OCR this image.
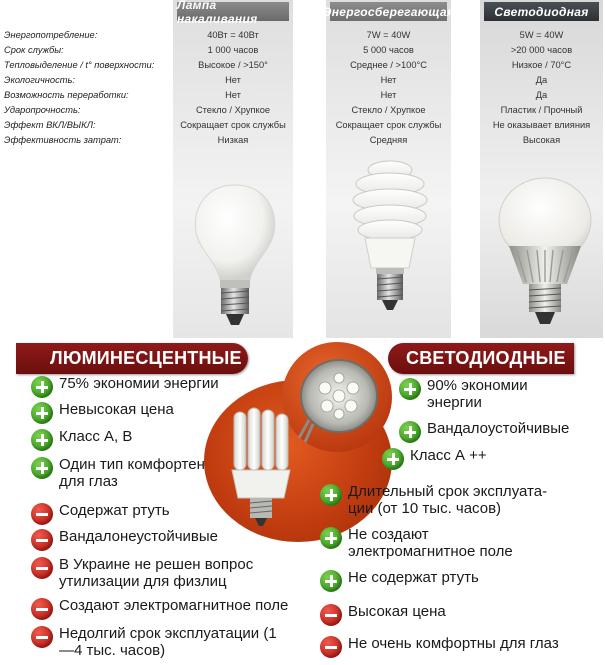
Лампа накаливания	Энергосберегающая	Светодиодная
Энергопотребление:	40Вт = 40Вт	7W = 40W	5W = 40W
Срок службы:	1 000 часов	5 000 часов	>20 000 часов
Тепловыделение / t° поверхности:	Высокое / >150°	Среднее / >100°C	Низкое / 70°C
Экологичность:	Нет	Нет	Да
Возможность переработки:	Нет	Нет	Да
Ударопрочность:	Стекло / Хрупкое	Стекло / Хрупкое	Пластик / Прочный
Эффект ВКЛ/ВЫКЛ:	Сокращает срок службы	Сокращает срок службы	Не оказывает влияния
Эффективность затрат:	Низкая	Средняя	Высокая
ЛЮМИНЕСЦЕНТНЫЕ	СВЕТОДИОДНЫЕ
75% экономии энергии
Невысокая цена
Класс А, В
Один тип комфортен для глаз
Содержат ртуть
Вандалонеустойчивые
В Украине не решен вопрос утилизации для физлиц
Создают электромагнитное поле
Недолгий срок эксплуатации (1—4 тыс. часов)
90% экономии энергии
Вандалоустойчивые
Класс А ++
Длительный срок эксплуата-ции (от 10 тыс. часов)
Не создают электромагнитное поле
Не содержат ртуть
Высокая цена
Не очень комфортны для глаз
